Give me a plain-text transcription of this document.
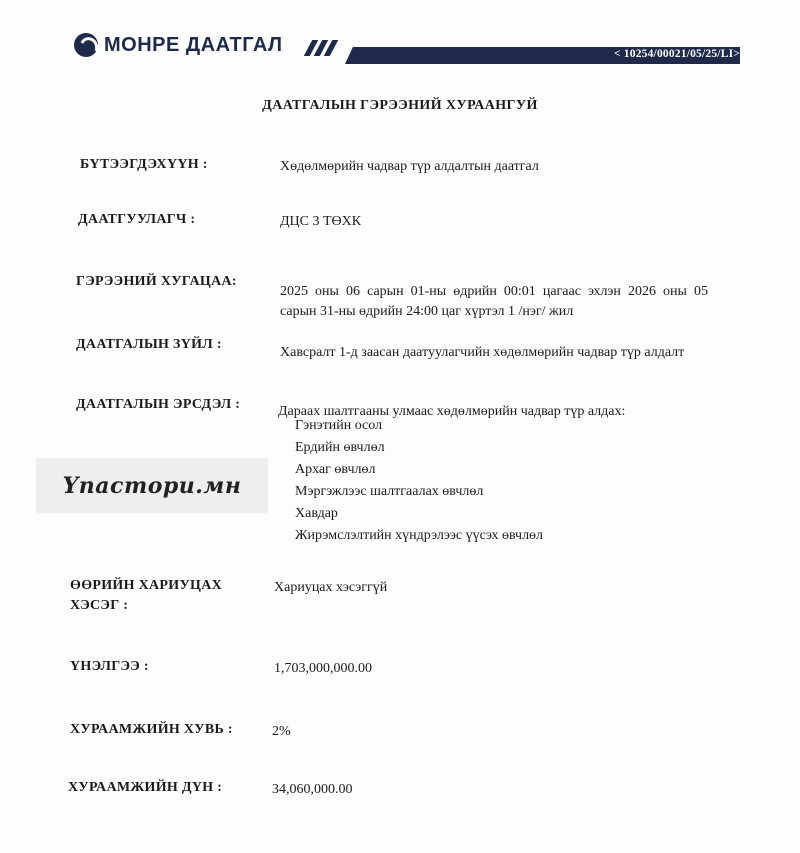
МОНРЕ ДААТГАЛ	< 10254/00021/05/25/LI>
ДААТГАЛЫН ГЭРЭЭНИЙ ХУРААНГУЙ
БҮТЭЭГДЭХҮҮН :	Хөдөлмөрийн чадвар түр алдалтын даатгал
ДААТГУУЛАГЧ :	ДЦС 3 ТӨХК
ГЭРЭЭНИЙ ХУГАЦАА:
2025 оны 06 сарын 01-ны өдрийн 00:01 цагаас эхлэн 2026 оны 05 сарын 31-ны өдрийн 24:00 цаг хүртэл 1 /нэг/ жил
ДААТГАЛЫН ЗҮЙЛ :
Хавсралт 1-д заасан даатуулагчийн хөдөлмөрийн чадвар түр алдалт
ДААТГАЛЫН ЭРСДЭЛ :	Дараах шалтгааны улмаас хөдөлмөрийн чадвар түр алдах:
Гэнэтийн осол
Ердийн өвчлөл
Архаг өвчлөл
Мэргэжлээс шалтгаалах өвчлөл
Хавдар
Жирэмслэлтийн хүндрэлээс үүсэх өвчлөл
Ynacmopu.мн
ӨӨРИЙН ХАРИУЦАХ ХЭСЭГ :
Хариуцах хэсэггүй
ҮНЭЛГЭЭ :	1,703,000,000.00
ХУРААМЖИЙН ХУВЬ :	2%
ХУРААМЖИЙН ДҮН :	34,060,000.00
